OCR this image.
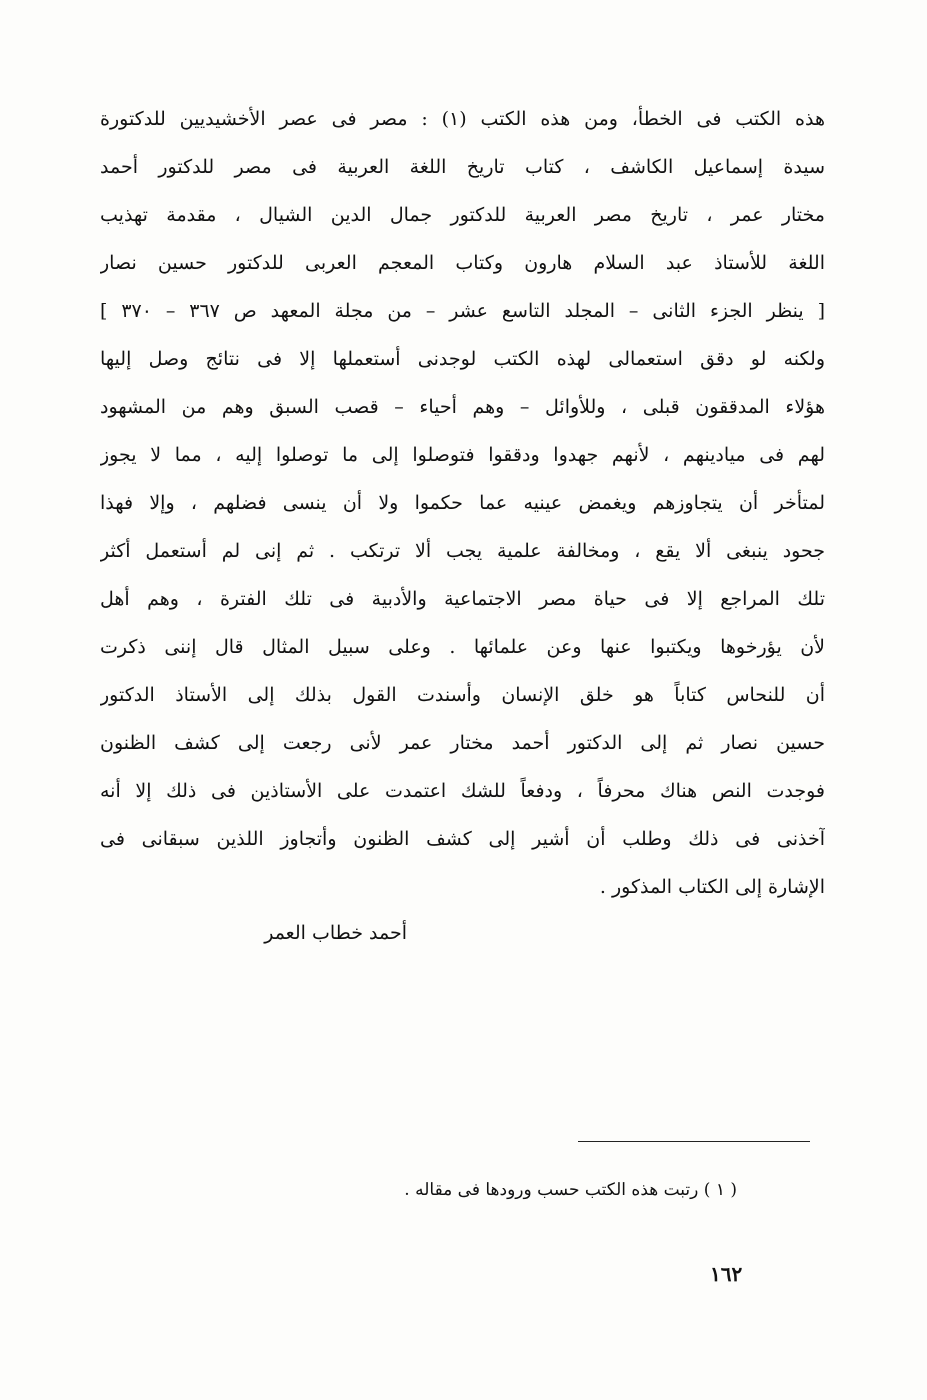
هذه الكتب فى الخطأ، ومن هذه الكتب (١) : مصر فى عصر الأخشيديين للدكتورة
سيدة إسماعيل الكاشف ، كتاب تاريخ اللغة العربية فى مصر للدكتور أحمد
مختار عمر ، تاريخ مصر العربية للدكتور جمال الدين الشيال ، مقدمة تهذيب
اللغة للأستاذ عبد السلام هارون وكتاب المعجم العربى للدكتور حسين نصار
[ ينظر الجزء الثانى – المجلد التاسع عشر – من مجلة المعهد ص ٣٦٧ – ٣٧٠ ]
ولكنه لو دقق استعمالى لهذه الكتب لوجدنى أستعملها إلا فى نتائج وصل إليها
هؤلاء المدققون قبلى ، وللأوائل – وهم أحياء – قصب السبق وهم من المشهود
لهم فى ميادينهم ، لأنهم جهدوا ودققوا فتوصلوا إلى ما توصلوا إليه ، مما لا يجوز
لمتأخر أن يتجاوزهم ويغمض عينيه عما حكموا ولا أن ينسى فضلهم ، وإلا فهذا
جحود ينبغى ألا يقع ، ومخالفة علمية يجب ألا ترتكب . ثم إنى لم أستعمل أكثر
تلك المراجع إلا فى حياة مصر الاجتماعية والأدبية فى تلك الفترة ، وهم أهل
لأن يؤرخوها ويكتبوا عنها وعن علمائها . وعلى سبيل المثال قال إننى ذكرت
أن للنحاس كتاباً هو خلق الإنسان وأسندت القول بذلك إلى الأستاذ الدكتور
حسين نصار ثم إلى الدكتور أحمد مختار عمر لأنى رجعت إلى كشف الظنون
فوجدت النص هناك محرفاً ، ودفعاً للشك اعتمدت على الأستاذين فى ذلك إلا أنه
آخذنى فى ذلك وطلب أن أشير إلى كشف الظنون وأتجاوز اللذين سبقانى فى
الإشارة إلى الكتاب المذكور .
أحمد خطاب العمر
( ١ ) رتبت هذه الكتب حسب ورودها فى مقاله .
١٦٢
